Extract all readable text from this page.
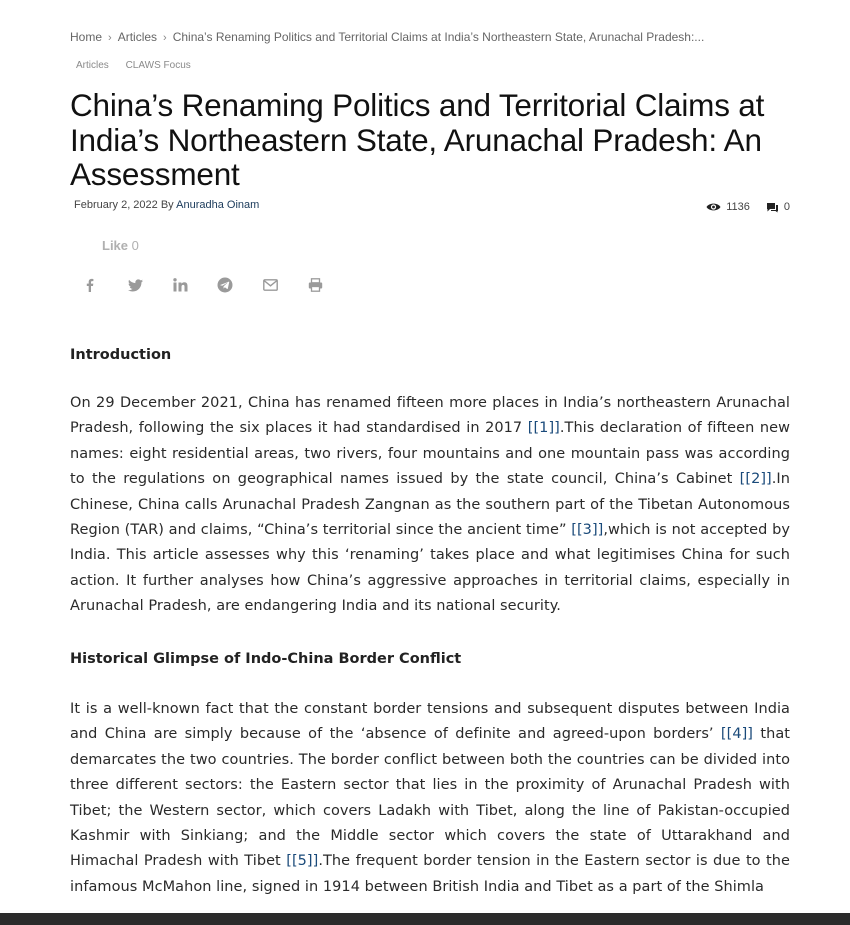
Home › Articles › China’s Renaming Politics and Territorial Claims at India’s Northeastern State, Arunachal Pradesh:...
Articles CLAWS Focus
China’s Renaming Politics and Territorial Claims at India’s Northeastern State, Arunachal Pradesh: An Assessment
February 2, 2022 By Anuradha Oinam	1136	0
Like 0
Introduction

On 29 December 2021, China has renamed fifteen more places in India’s northeastern Arunachal Pradesh, following the six places it had standardised in 2017 [[1]].This declaration of fifteen new names: eight residential areas, two rivers, four mountains and one mountain pass was according to the regulations on geographical names issued by the state council, China’s Cabinet [[2]].In Chinese, China calls Arunachal Pradesh Zangnan as the southern part of the Tibetan Autonomous Region (TAR) and claims, “China’s territorial since the ancient time” [[3]],which is not accepted by India. This article assesses why this ‘renaming’ takes place and what legitimises China for such action. It further analyses how China’s aggressive approaches in territorial claims, especially in Arunachal Pradesh, are endangering India and its national security.

Historical Glimpse of Indo-China Border Conflict

It is a well-known fact that the constant border tensions and subsequent disputes between India and China are simply because of the ‘absence of definite and agreed-upon borders’ [[4]] that demarcates the two countries. The border conflict between both the countries can be divided into three different sectors: the Eastern sector that lies in the proximity of Arunachal Pradesh with Tibet; the Western sector, which covers Ladakh with Tibet, along the line of Pakistan-occupied Kashmir with Sinkiang; and the Middle sector which covers the state of Uttarakhand and Himachal Pradesh with Tibet [[5]].The frequent border tension in the Eastern sector is due to the infamous McMahon line, signed in 1914 between British India and Tibet as a part of the Shimla
